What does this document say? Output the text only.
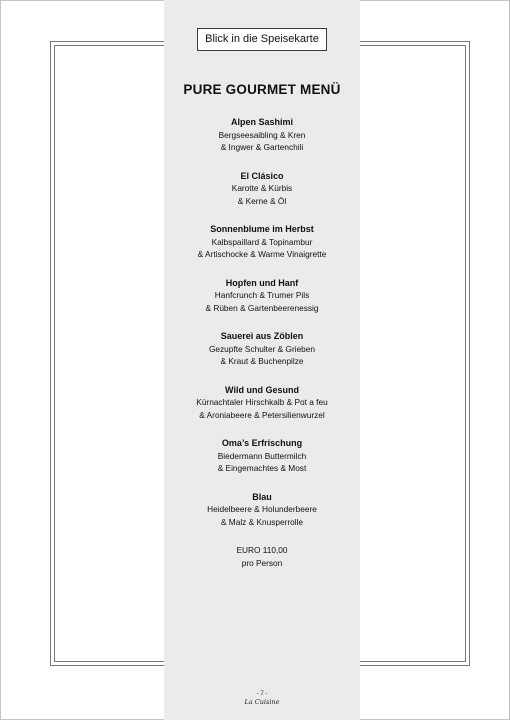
Blick in die Speisekarte
PURE GOURMET MENÜ
Alpen Sashimi
Bergseesaibling & Kren
& Ingwer & Gartenchili
El Clásico
Karotte & Kürbis
& Kerne & Öl
Sonnenblume im Herbst
Kalbspaillard & Topinambur
& Artischocke & Warme Vinaigrette
Hopfen und Hanf
Hanfcrunch & Trumer Pils
& Rüben & Gartenbeerenessig
Sauerei aus Zöblen
Gezupfte Schulter & Grieben
& Kraut & Buchenpilze
Wild und Gesund
Kürnachtaler Hirschkalb & Pot a feu
& Aroniabeere & Petersilienwurzel
Oma’s Erfrischung
Biedermann Buttermilch
& Eingemachtes & Most
Blau
Heidelbeere & Holunderbeere
& Malz & Knusperrolle
EURO 110,00
pro Person
- 7 -
La Cuisine
